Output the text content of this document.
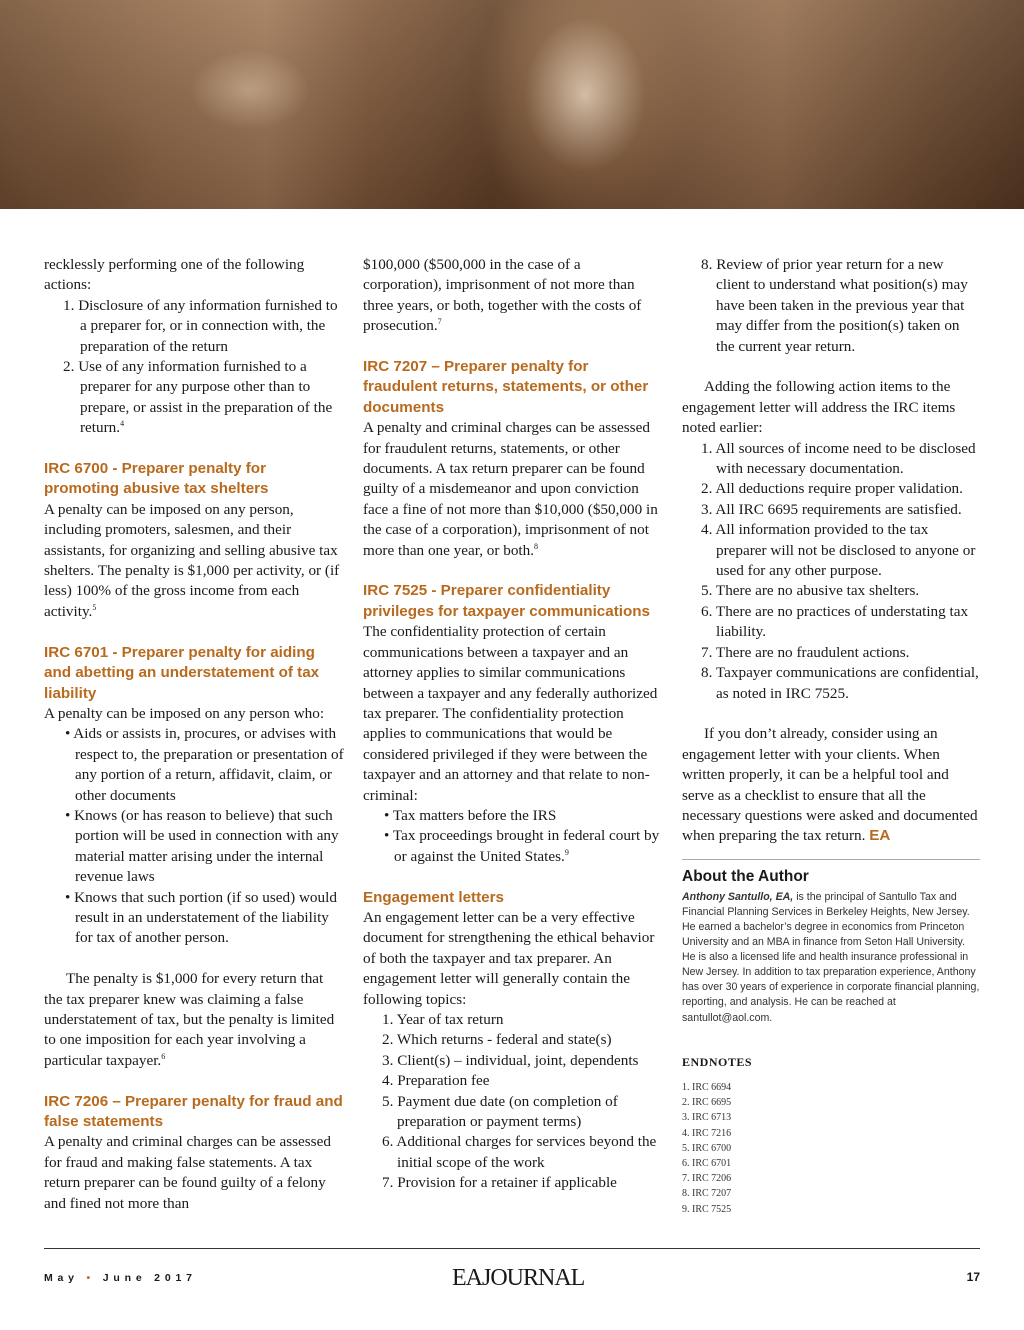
recklessly performing one of the following actions:

1. Disclosure of any information furnished to a preparer for, or in connection with, the preparation of the return
2. Use of any information furnished to a preparer for any purpose other than to prepare, or assist in the preparation of the return.$^4$
IRC 6700 - Preparer penalty for promoting abusive tax shelters

A penalty can be imposed on any person, including promoters, salesmen, and their assistants, for organizing and selling abusive tax shelters. The penalty is $1,000 per activity, or (if less) 100% of the gross income from each activity.$^5$

IRC 6701 - Preparer penalty for aiding and abetting an understatement of tax liability

A penalty can be imposed on any person who:

• Aids or assists in, procures, or advises with respect to, the preparation or presentation of any portion of a return, affidavit, claim, or other documents
• Knows (or has reason to believe) that such portion will be used in connection with any material matter arising under the internal revenue laws
• Knows that such portion (if so used) would result in an understatement of the liability for tax of another person.

The penalty is $1,000 for every return that the tax preparer knew was claiming a false understatement of tax, but the penalty is limited to one imposition for each year involving a particular taxpayer.$^6$

IRC 7206 – Preparer penalty for fraud and false statements

A penalty and criminal charges can be assessed for fraud and making false statements. A tax return preparer can be found guilty of a felony and fined not more than

$100,000 ($500,000 in the case of a corporation), imprisonment of not more than three years, or both, together with the costs of prosecution.$^7$

IRC 7207 – Preparer penalty for fraudulent returns, statements, or other documents

A penalty and criminal charges can be assessed for fraudulent returns, statements, or other documents. A tax return preparer can be found guilty of a misdemeanor and upon conviction face a fine of not more than $10,000 ($50,000 in the case of a corporation), imprisonment of not more than one year, or both.$^8$

IRC 7525 - Preparer confidentiality privileges for taxpayer communications

The confidentiality protection of certain communications between a taxpayer and an attorney applies to similar communications between a taxpayer and any federally authorized tax preparer. The confidentiality protection applies to communications that would be considered privileged if they were between the taxpayer and an attorney and that relate to non-criminal:

• Tax matters before the IRS
• Tax proceedings brought in federal court by or against the United States.$^9$
Engagement letters

An engagement letter can be a very effective document for strengthening the ethical behavior of both the taxpayer and tax preparer. An engagement letter will generally contain the following topics:

1. Year of tax return
2. Which returns - federal and state(s)
3. Client(s) – individual, joint, dependents
4. Preparation fee
5. Payment due date (on completion of preparation or payment terms)
6. Additional charges for services beyond the initial scope of the work
7. Provision for a retainer if applicable
8. Review of prior year return for a new client to understand what position(s) may have been taken in the previous year that may differ from the position(s) taken on the current year return.

Adding the following action items to the engagement letter will address the IRC items noted earlier:

1. All sources of income need to be disclosed with necessary documentation.
2. All deductions require proper validation.
3. All IRC 6695 requirements are satisfied.
4. All information provided to the tax preparer will not be disclosed to anyone or used for any other purpose.
5. There are no abusive tax shelters.
6. There are no practices of understating tax liability.
7. There are no fraudulent actions.
8. Taxpayer communications are confidential, as noted in IRC 7525.

If you don’t already, consider using an engagement letter with your clients. When written properly, it can be a helpful tool and serve as a checklist to ensure that all the necessary questions were asked and documented when preparing the tax return. EA

About the Author

Anthony Santullo, EA, is the principal of Santullo Tax and Financial Planning Services in Berkeley Heights, New Jersey. He earned a bachelor’s degree in economics from Princeton University and an MBA in finance from Seton Hall University. He is also a licensed life and health insurance professional in New Jersey. In addition to tax preparation experience, Anthony has over 30 years of experience in corporate financial planning, reporting, and analysis. He can be reached at santullot@aol.com.

ENDNOTES
1. IRC 6694
2. IRC 6695
3. IRC 6713
4. IRC 7216
5. IRC 6700
6. IRC 6701
7. IRC 7206
8. IRC 7207
9. IRC 7525
May • June 2017	EAJOURNAL	17
